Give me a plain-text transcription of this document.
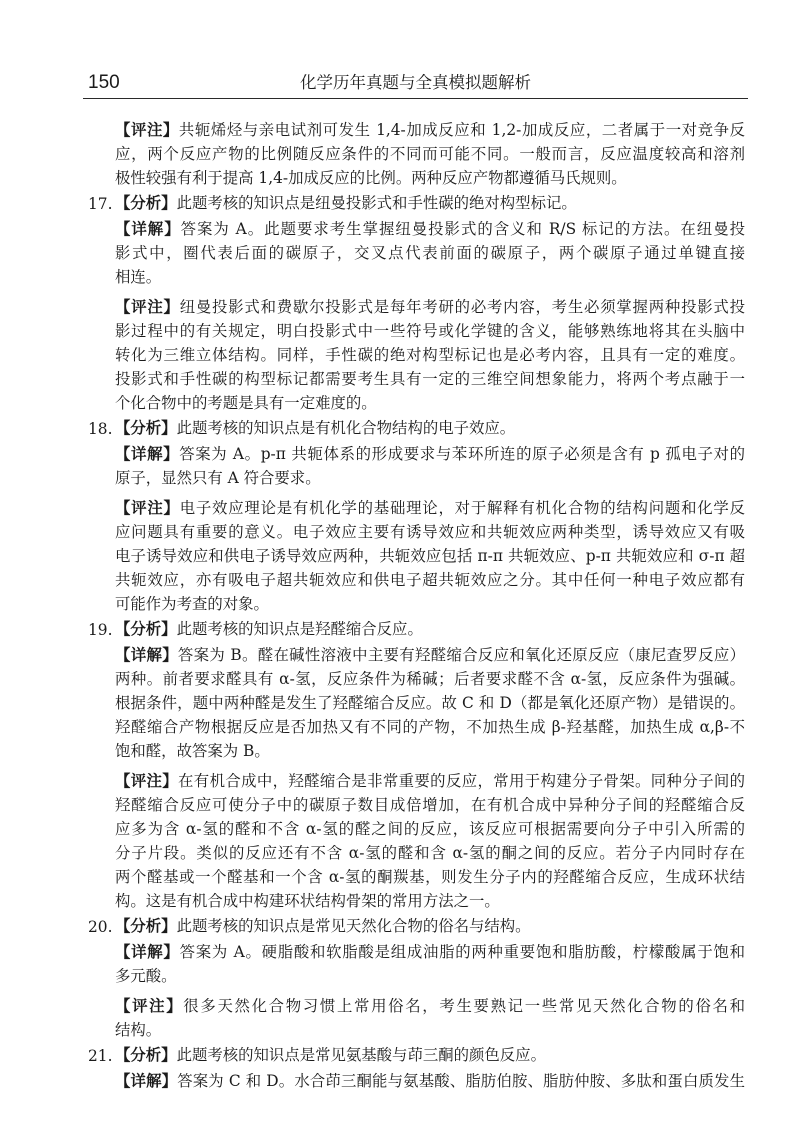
150	化学历年真题与全真模拟题解析
【评注】共轭烯烃与亲电试剂可发生 1,4-加成反应和 1,2-加成反应，二者属于一对竞争反
应，两个反应产物的比例随反应条件的不同而可能不同。一般而言，反应温度较高和溶剂
极性较强有利于提高 1,4-加成反应的比例。两种反应产物都遵循马氏规则。
17. 【分析】此题考核的知识点是纽曼投影式和手性碳的绝对构型标记。
【详解】答案为 A。此题要求考生掌握纽曼投影式的含义和 R/S 标记的方法。在纽曼投
影式中，圈代表后面的碳原子，交叉点代表前面的碳原子，两个碳原子通过单键直接
相连。
【评注】纽曼投影式和费歇尔投影式是每年考研的必考内容，考生必须掌握两种投影式投
影过程中的有关规定，明白投影式中一些符号或化学键的含义，能够熟练地将其在头脑中
转化为三维立体结构。同样，手性碳的绝对构型标记也是必考内容，且具有一定的难度。
投影式和手性碳的构型标记都需要考生具有一定的三维空间想象能力，将两个考点融于一
个化合物中的考题是具有一定难度的。
18. 【分析】此题考核的知识点是有机化合物结构的电子效应。
【详解】答案为 A。p-π 共轭体系的形成要求与苯环所连的原子必须是含有 p 孤电子对的
原子，显然只有 A 符合要求。
【评注】电子效应理论是有机化学的基础理论，对于解释有机化合物的结构问题和化学反
应问题具有重要的意义。电子效应主要有诱导效应和共轭效应两种类型，诱导效应又有吸
电子诱导效应和供电子诱导效应两种，共轭效应包括 π-π 共轭效应、p-π 共轭效应和 σ-π 超
共轭效应，亦有吸电子超共轭效应和供电子超共轭效应之分。其中任何一种电子效应都有
可能作为考查的对象。
19. 【分析】此题考核的知识点是羟醛缩合反应。
【详解】答案为 B。醛在碱性溶液中主要有羟醛缩合反应和氧化还原反应（康尼查罗反应）
两种。前者要求醛具有 α-氢，反应条件为稀碱；后者要求醛不含 α-氢，反应条件为强碱。
根据条件，题中两种醛是发生了羟醛缩合反应。故 C 和 D（都是氧化还原产物）是错误的。
羟醛缩合产物根据反应是否加热又有不同的产物，不加热生成 β-羟基醛，加热生成 α,β-不
饱和醛，故答案为 B。
【评注】在有机合成中，羟醛缩合是非常重要的反应，常用于构建分子骨架。同种分子间的
羟醛缩合反应可使分子中的碳原子数目成倍增加，在有机合成中异种分子间的羟醛缩合反
应多为含 α-氢的醛和不含 α-氢的醛之间的反应，该反应可根据需要向分子中引入所需的
分子片段。类似的反应还有不含 α-氢的醛和含 α-氢的酮之间的反应。若分子内同时存在
两个醛基或一个醛基和一个含 α-氢的酮羰基，则发生分子内的羟醛缩合反应，生成环状结
构。这是有机合成中构建环状结构骨架的常用方法之一。
20. 【分析】此题考核的知识点是常见天然化合物的俗名与结构。
【详解】答案为 A。硬脂酸和软脂酸是组成油脂的两种重要饱和脂肪酸，柠檬酸属于饱和
多元酸。
【评注】很多天然化合物习惯上常用俗名，考生要熟记一些常见天然化合物的俗名和
结构。
21. 【分析】此题考核的知识点是常见氨基酸与茚三酮的颜色反应。
【详解】答案为 C 和 D。水合茚三酮能与氨基酸、脂肪伯胺、脂肪仲胺、多肽和蛋白质发生
